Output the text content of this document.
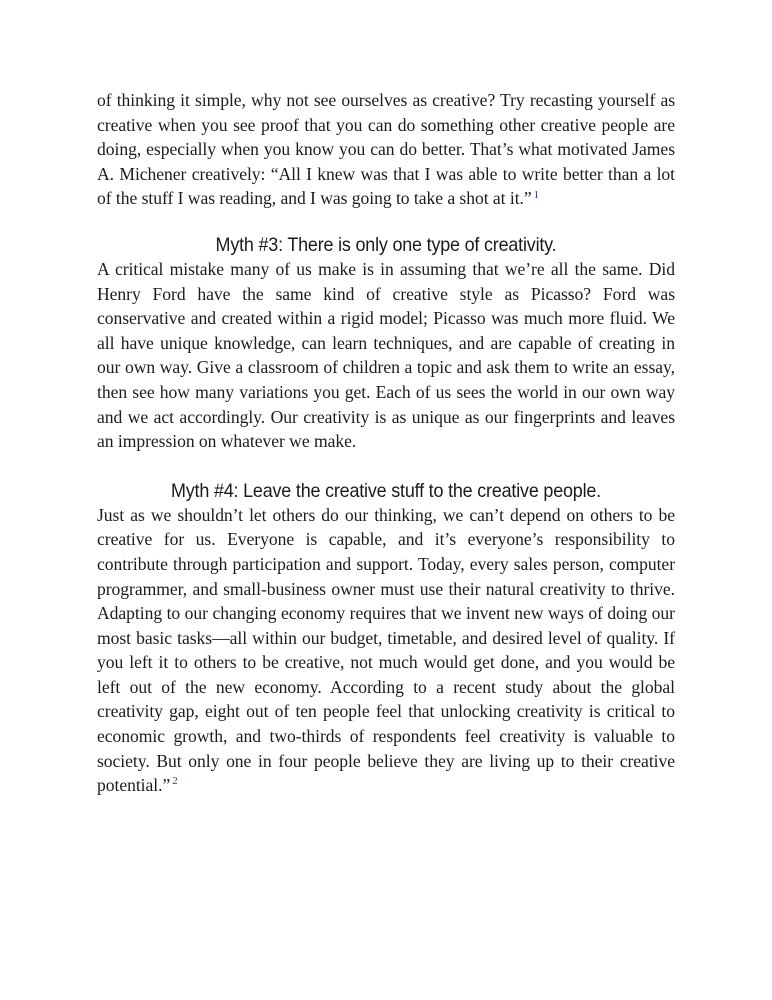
of thinking it simple, why not see ourselves as creative? Try recasting yourself as creative when you see proof that you can do something other creative people are doing, especially when you know you can do better. That’s what motivated James A. Michener creatively: “All I knew was that I was able to write better than a lot of the stuff I was reading, and I was going to take a shot at it.” $^1$

Myth #3: There is only one type of creativity.

A critical mistake many of us make is in assuming that we’re all the same. Did Henry Ford have the same kind of creative style as Picasso? Ford was conservative and created within a rigid model; Picasso was much more fluid. We all have unique knowledge, can learn techniques, and are capable of creating in our own way. Give a classroom of children a topic and ask them to write an essay, then see how many variations you get. Each of us sees the world in our own way and we act accordingly. Our creativity is as unique as our fingerprints and leaves an impression on whatever we make.

Myth #4: Leave the creative stuff to the creative people.

Just as we shouldn’t let others do our thinking, we can’t depend on others to be creative for us. Everyone is capable, and it’s everyone’s responsibility to contribute through participation and support. Today, every sales person, computer programmer, and small-business owner must use their natural creativity to thrive. Adapting to our changing economy requires that we invent new ways of doing our most basic tasks—all within our budget, timetable, and desired level of quality. If you left it to others to be creative, not much would get done, and you would be left out of the new economy. According to a recent study about the global creativity gap, eight out of ten people feel that unlocking creativity is critical to economic growth, and two-thirds of respondents feel creativity is valuable to society. But only one in four people believe they are living up to their creative potential.” $^2$
